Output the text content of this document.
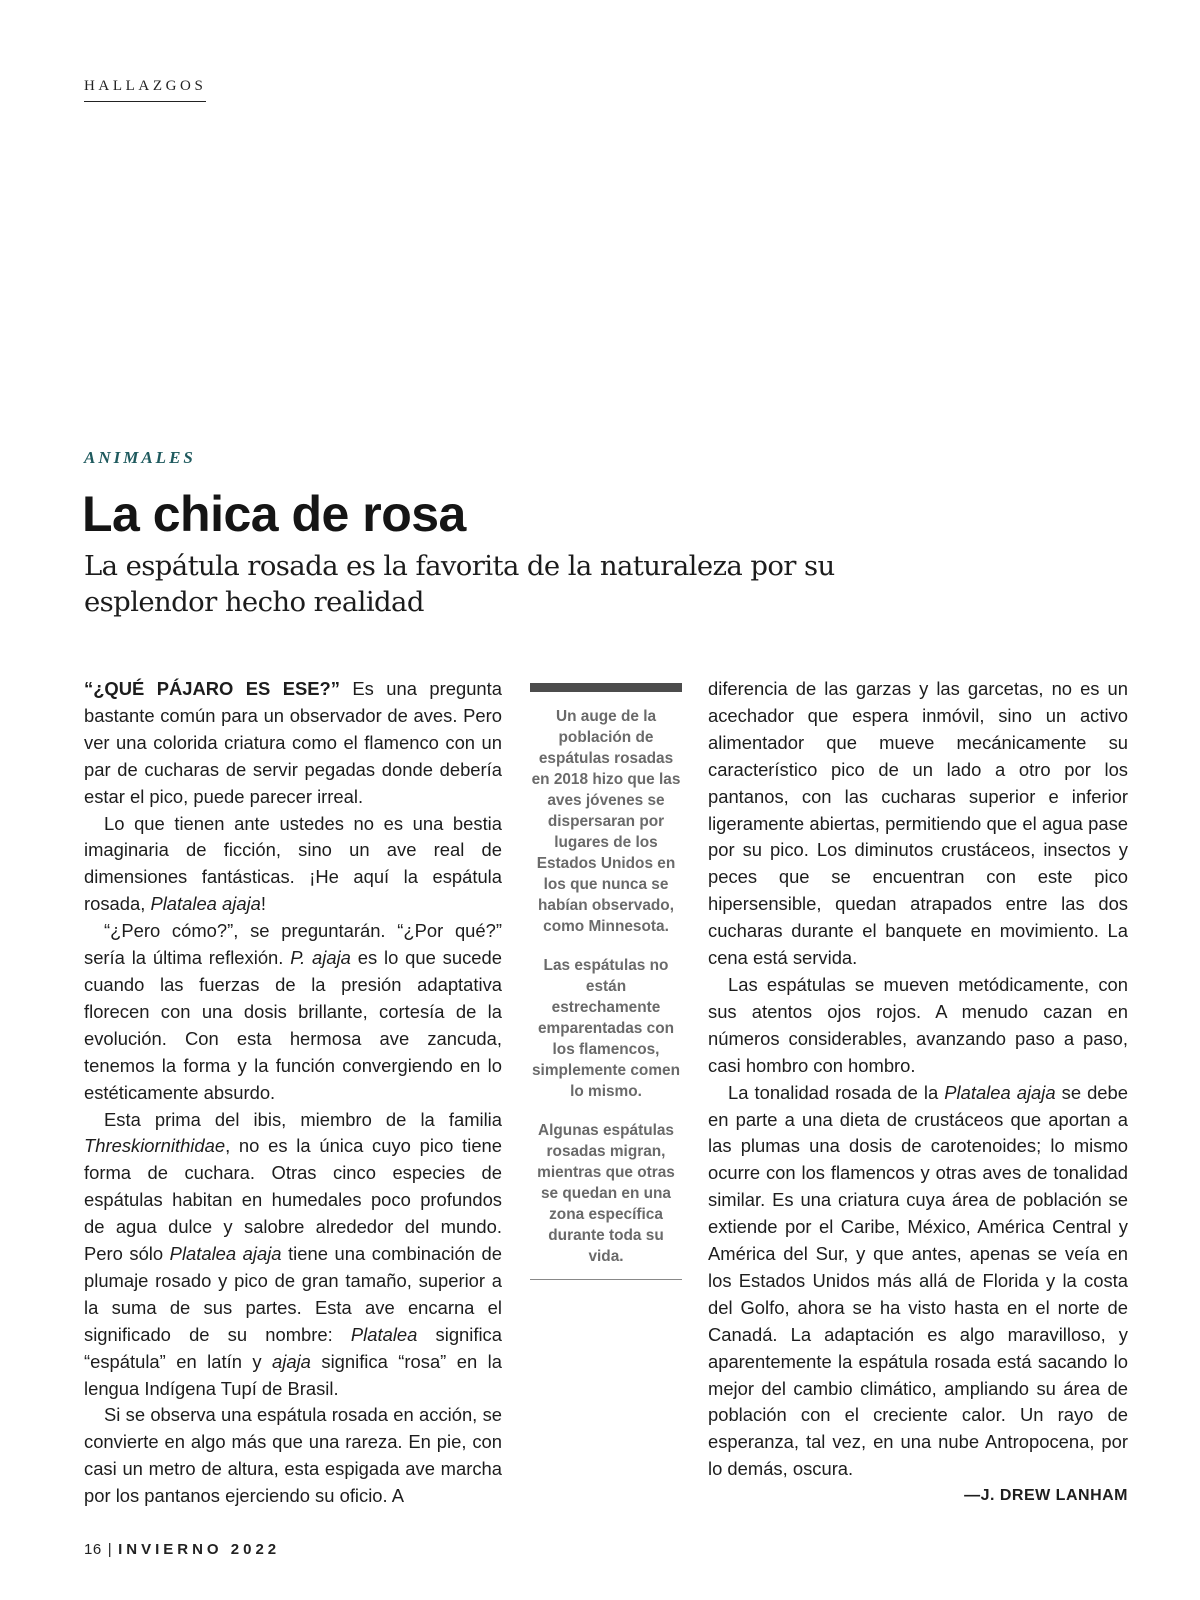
HALLAZGOS
ANIMALES
La chica de rosa

La espátula rosada es la favorita de la naturaleza por su esplendor hecho realidad

“¿QUÉ PÁJARO ES ESE?” Es una pregunta bastante común para un observador de aves. Pero ver una colorida criatura como el flamenco con un par de cucharas de servir pegadas donde debería estar el pico, puede parecer irreal.

Lo que tienen ante ustedes no es una bestia imaginaria de ficción, sino un ave real de dimensiones fantásticas. ¡He aquí la espátula rosada, Platalea ajaja!

“¿Pero cómo?”, se preguntarán. “¿Por qué?” sería la última reflexión. P. ajaja es lo que sucede cuando las fuerzas de la presión adaptativa florecen con una dosis brillante, cortesía de la evolución. Con esta hermosa ave zancuda, tenemos la forma y la función convergiendo en lo estéticamente absurdo.

Esta prima del ibis, miembro de la familia Threskiornithidae, no es la única cuyo pico tiene forma de cuchara. Otras cinco especies de espátulas habitan en humedales poco profundos de agua dulce y salobre alrededor del mundo. Pero sólo Platalea ajaja tiene una combinación de plumaje rosado y pico de gran tamaño, superior a la suma de sus partes. Esta ave encarna el significado de su nombre: Platalea significa “espátula” en latín y ajaja significa “rosa” en la lengua Indígena Tupí de Brasil.

Si se observa una espátula rosada en acción, se convierte en algo más que una rareza. En pie, con casi un metro de altura, esta espigada ave marcha por los pantanos ejerciendo su oficio. A

Un auge de la población de espátulas rosadas en 2018 hizo que las aves jóvenes se dispersaran por lugares de los Estados Unidos en los que nunca se habían observado, como Minnesota.

Las espátulas no están estrechamente emparentadas con los flamencos, simplemente comen lo mismo.

Algunas espátulas rosadas migran, mientras que otras se quedan en una zona específica durante toda su vida.

diferencia de las garzas y las garcetas, no es un acechador que espera inmóvil, sino un activo alimentador que mueve mecánicamente su característico pico de un lado a otro por los pantanos, con las cucharas superior e inferior ligeramente abiertas, permitiendo que el agua pase por su pico. Los diminutos crustáceos, insectos y peces que se encuentran con este pico hipersensible, quedan atrapados entre las dos cucharas durante el banquete en movimiento. La cena está servida.

Las espátulas se mueven metódicamente, con sus atentos ojos rojos. A menudo cazan en números considerables, avanzando paso a paso, casi hombro con hombro.

La tonalidad rosada de la Platalea ajaja se debe en parte a una dieta de crustáceos que aportan a las plumas una dosis de carotenoides; lo mismo ocurre con los flamencos y otras aves de tonalidad similar. Es una criatura cuya área de población se extiende por el Caribe, México, América Central y América del Sur, y que antes, apenas se veía en los Estados Unidos más allá de Florida y la costa del Golfo, ahora se ha visto hasta en el norte de Canadá. La adaptación es algo maravilloso, y aparentemente la espátula rosada está sacando lo mejor del cambio climático, ampliando su área de población con el creciente calor. Un rayo de esperanza, tal vez, en una nube Antropocena, por lo demás, oscura.

—J. DREW LANHAM

16 | INVIERNO 2022
